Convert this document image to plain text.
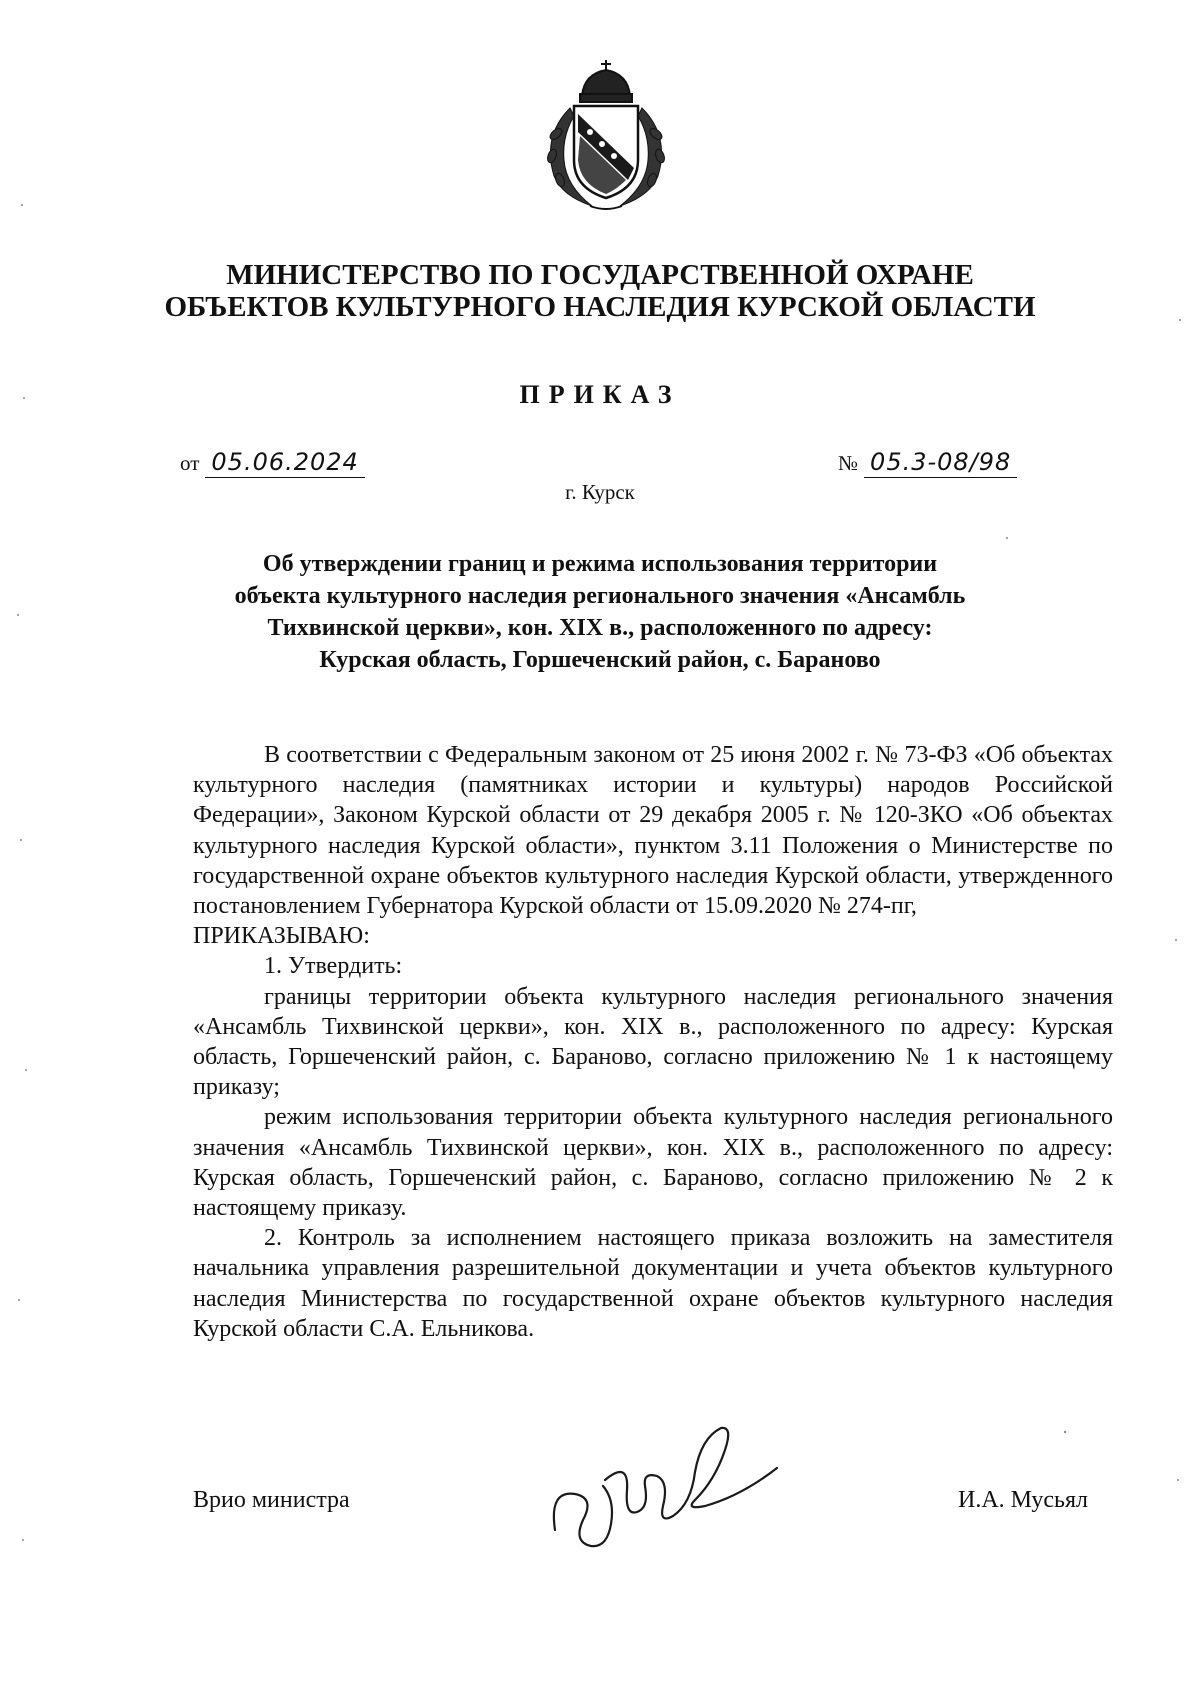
МИНИСТЕРСТВО ПО ГОСУДАРСТВЕННОЙ ОХРАНЕ
ОБЪЕКТОВ КУЛЬТУРНОГО НАСЛЕДИЯ КУРСКОЙ ОБЛАСТИ
ПРИКАЗ
от 05.06.2024	№ 05.3-08/98
г. Курск
Об утверждении границ и режима использования территории
объекта культурного наследия регионального значения «Ансамбль
Тихвинской церкви», кон. XIX в., расположенного по адресу:
Курская область, Горшеченский район, с. Бараново

В соответствии с Федеральным законом от 25 июня 2002 г. № 73-ФЗ «Об объектах культурного наследия (памятниках истории и культуры) народов Российской Федерации», Законом Курской области от 29 декабря 2005 г. № 120-ЗКО «Об объектах культурного наследия Курской области», пунктом 3.11 Положения о Министерстве по государственной охране объектов культурного наследия Курской области, утвержденного постановлением Губернатора Курской области от 15.09.2020 № 274-пг,

ПРИКАЗЫВАЮ:

1. Утвердить:

границы территории объекта культурного наследия регионального значения «Ансамбль Тихвинской церкви», кон. XIX в., расположенного по адресу: Курская область, Горшеченский район, с. Бараново, согласно приложению № 1 к настоящему приказу;

режим использования территории объекта культурного наследия регионального значения «Ансамбль Тихвинской церкви», кон. XIX в., расположенного по адресу: Курская область, Горшеченский район, с. Бараново, согласно приложению № 2 к настоящему приказу.

2. Контроль за исполнением настоящего приказа возложить на заместителя начальника управления разрешительной документации и учета объектов культурного наследия Министерства по государственной охране объектов культурного наследия Курской области С.А. Ельникова.

Врио министра	И.А. Мусьял
